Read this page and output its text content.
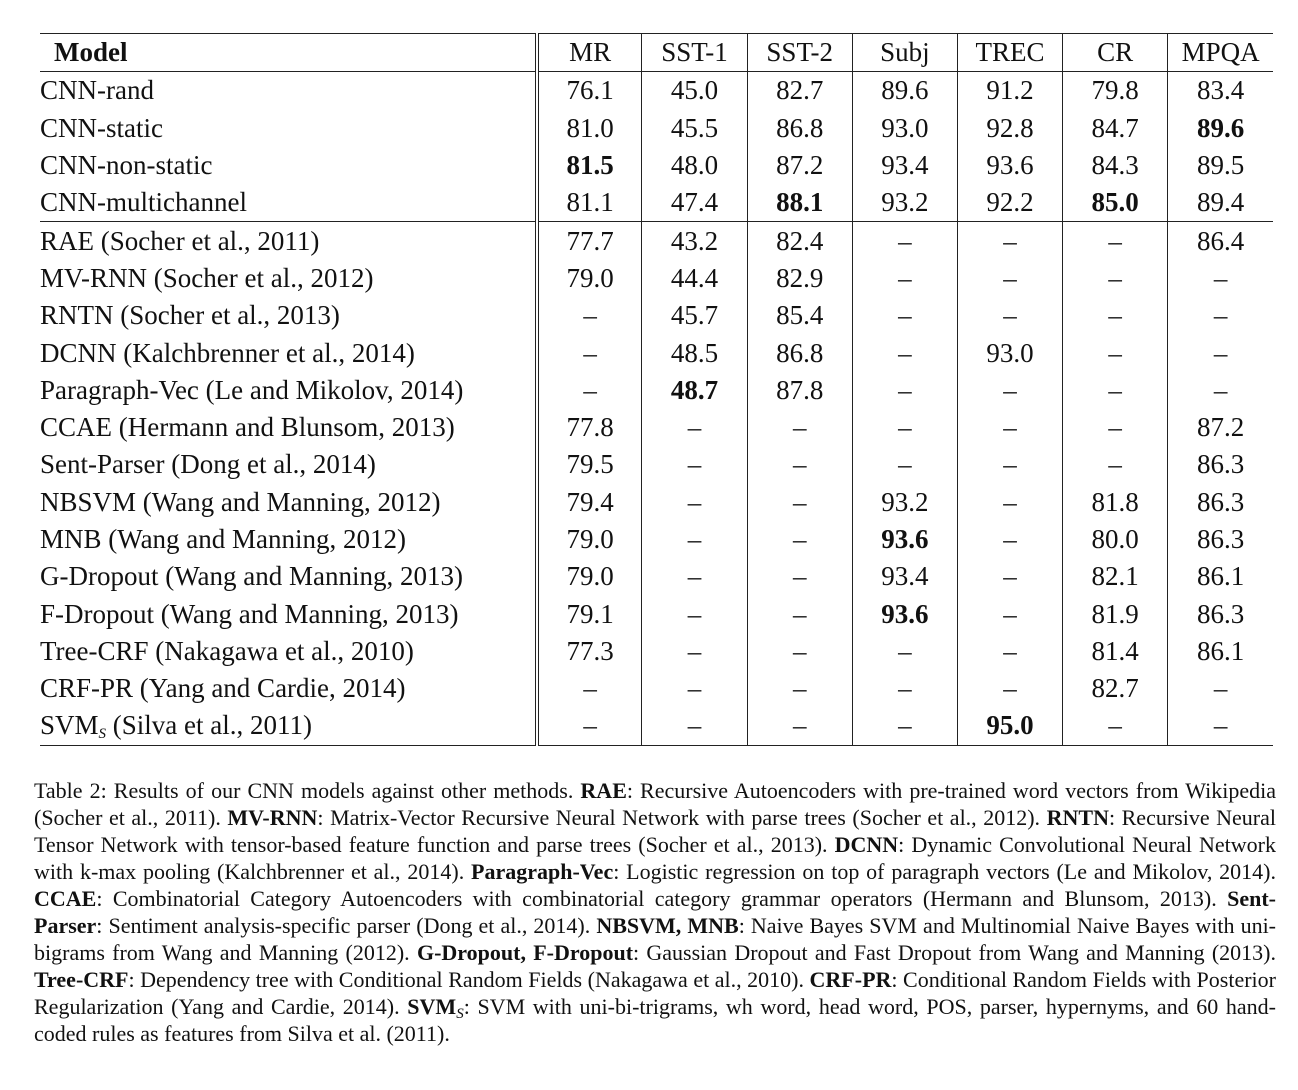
Model	MR	SST-1	SST-2	Subj	TREC	CR	MPQA
CNN-rand	76.1	45.0	82.7	89.6	91.2	79.8	83.4
CNN-static	81.0	45.5	86.8	93.0	92.8	84.7	89.6
CNN-non-static	81.5	48.0	87.2	93.4	93.6	84.3	89.5
CNN-multichannel	81.1	47.4	88.1	93.2	92.2	85.0	89.4
RAE (Socher et al., 2011)	77.7	43.2	82.4	–	–	–	86.4
MV-RNN (Socher et al., 2012)	79.0	44.4	82.9	–	–	–	–
RNTN (Socher et al., 2013)	–	45.7	85.4	–	–	–	–
DCNN (Kalchbrenner et al., 2014)	–	48.5	86.8	–	93.0	–	–
Paragraph-Vec (Le and Mikolov, 2014)	–	48.7	87.8	–	–	–	–
CCAE (Hermann and Blunsom, 2013)	77.8	–	–	–	–	–	87.2
Sent-Parser (Dong et al., 2014)	79.5	–	–	–	–	–	86.3
NBSVM (Wang and Manning, 2012)	79.4	–	–	93.2	–	81.8	86.3
MNB (Wang and Manning, 2012)	79.0	–	–	93.6	–	80.0	86.3
G-Dropout (Wang and Manning, 2013)	79.0	–	–	93.4	–	82.1	86.1
F-Dropout (Wang and Manning, 2013)	79.1	–	–	93.6	–	81.9	86.3
Tree-CRF (Nakagawa et al., 2010)	77.3	–	–	–	–	81.4	86.1
CRF-PR (Yang and Cardie, 2014)	–	–	–	–	–	82.7	–
$SVM_S$ (Silva et al., 2011)	–	–	–	–	95.0	–	–

Table 2: Results of our CNN models against other methods. RAE: Recursive Autoencoders with pre-trained word vectors from Wikipedia (Socher et al., 2011). MV-RNN: Matrix-Vector Recursive Neural Network with parse trees (Socher et al., 2012). RNTN: Recursive Neural Tensor Network with tensor-based feature function and parse trees (Socher et al., 2013). DCNN: Dynamic Convolutional Neural Network with k-max pooling (Kalchbrenner et al., 2014). Paragraph-Vec: Logistic regression on top of paragraph vectors (Le and Mikolov, 2014). CCAE: Combinatorial Category Autoencoders with combinatorial category grammar operators (Hermann and Blunsom, 2013). Sent-Parser: Sentiment analysis-specific parser (Dong et al., 2014). NBSVM, MNB: Naive Bayes SVM and Multinomial Naive Bayes with uni-bigrams from Wang and Manning (2012). G-Dropout, F-Dropout: Gaussian Dropout and Fast Dropout from Wang and Manning (2013). Tree-CRF: Dependency tree with Conditional Random Fields (Nakagawa et al., 2010). CRF-PR: Conditional Random Fields with Posterior Regularization (Yang and Cardie, 2014). $SVM_S$: SVM with uni-bi-trigrams, wh word, head word, POS, parser, hypernyms, and 60 hand-coded rules as features from Silva et al. (2011).
